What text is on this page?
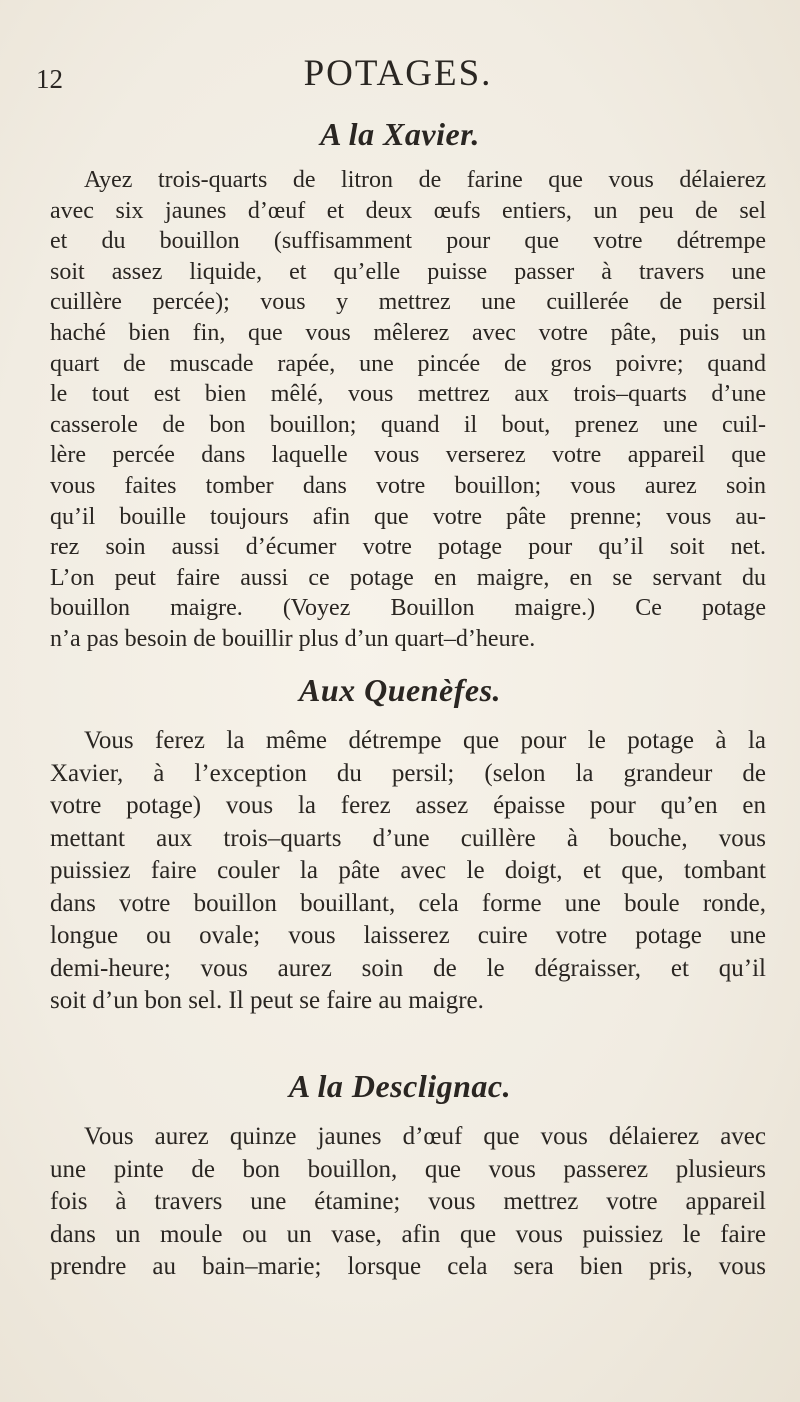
12	POTAGES.
A la Xavier.
Ayez trois-quarts de litron de farine que vous délaierez
avec six jaunes d’œuf et deux œufs entiers, un peu de sel
et du bouillon (suffisamment pour que votre détrempe
soit assez liquide, et qu’elle puisse passer à travers une
cuillère percée); vous y mettrez une cuillerée de persil
haché bien fin, que vous mêlerez avec votre pâte, puis un
quart de muscade rapée, une pincée de gros poivre; quand
le tout est bien mêlé, vous mettrez aux trois–quarts d’une
casserole de bon bouillon; quand il bout, prenez une cuil-
lère percée dans laquelle vous verserez votre appareil que
vous faites tomber dans votre bouillon; vous aurez soin
qu’il bouille toujours afin que votre pâte prenne; vous au-
rez soin aussi d’écumer votre potage pour qu’il soit net.
L’on peut faire aussi ce potage en maigre, en se servant du
bouillon maigre. (Voyez Bouillon maigre.) Ce potage
n’a pas besoin de bouillir plus d’un quart–d’heure.
Aux Quenèfes.
Vous ferez la même détrempe que pour le potage à la
Xavier, à l’exception du persil; (selon la grandeur de
votre potage) vous la ferez assez épaisse pour qu’en en
mettant aux trois–quarts d’une cuillère à bouche, vous
puissiez faire couler la pâte avec le doigt, et que, tombant
dans votre bouillon bouillant, cela forme une boule ronde,
longue ou ovale; vous laisserez cuire votre potage une
demi-heure; vous aurez soin de le dégraisser, et qu’il
soit d’un bon sel. Il peut se faire au maigre.
A la Desclignac.
Vous aurez quinze jaunes d’œuf que vous délaierez avec
une pinte de bon bouillon, que vous passerez plusieurs
fois à travers une étamine; vous mettrez votre appareil
dans un moule ou un vase, afin que vous puissiez le faire
prendre au bain–marie; lorsque cela sera bien pris, vous
